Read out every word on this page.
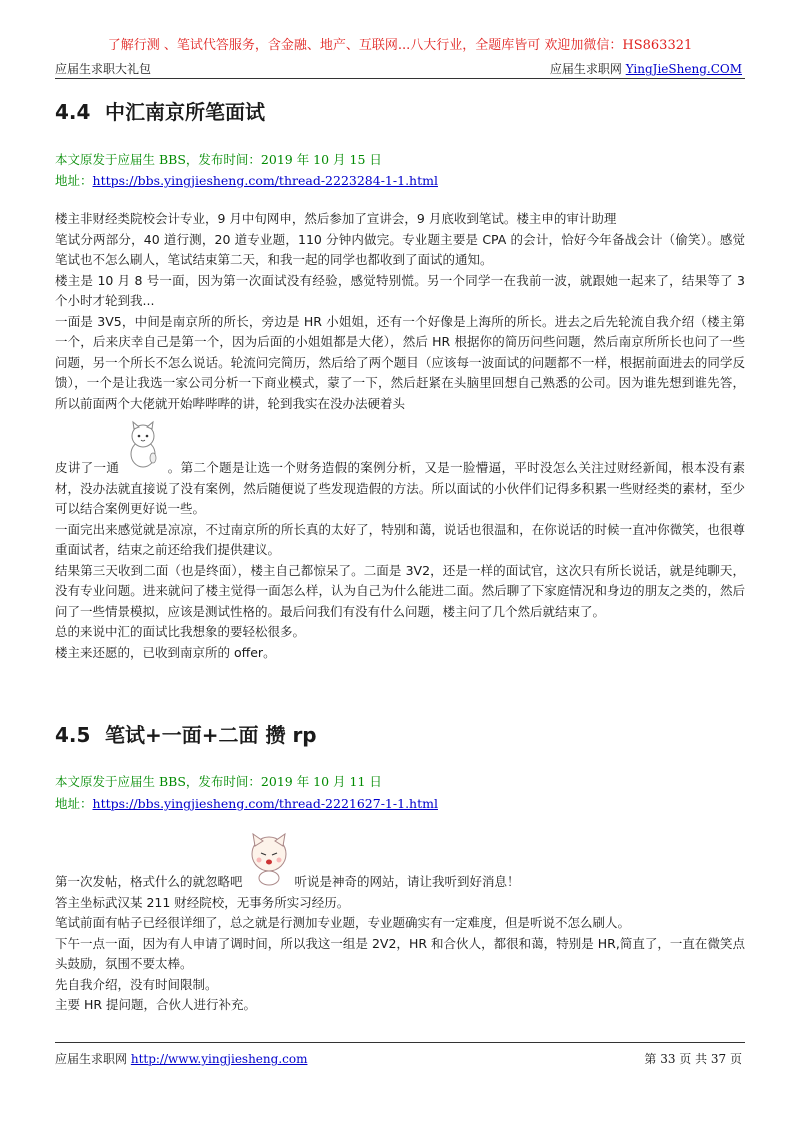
了解行测 、笔试代答服务，含金融、地产、互联网...八大行业，全题库皆可 欢迎加微信：HS863321
应届生求职大礼包	应届生求职网 YingJieSheng.COM
4.4 中汇南京所笔面试
本文原发于应届生 BBS，发布时间：2019 年 10 月 15 日
地址：https://bbs.yingjiesheng.com/thread-2223284-1-1.html

楼主非财经类院校会计专业，9 月中旬网申，然后参加了宣讲会，9 月底收到笔试。楼主申的审计助理

笔试分两部分，40 道行测，20 道专业题，110 分钟内做完。专业题主要是 CPA 的会计，恰好今年备战会计（偷笑）。感觉笔试也不怎么刷人，笔试结束第二天，和我一起的同学也都收到了面试的通知。

楼主是 10 月 8 号一面，因为第一次面试没有经验，感觉特别慌。另一个同学一在我前一波，就跟她一起来了，结果等了 3 个小时才轮到我...

一面是 3V5，中间是南京所的所长，旁边是 HR 小姐姐，还有一个好像是上海所的所长。进去之后先轮流自我介绍（楼主第一个，后来庆幸自己是第一个，因为后面的小姐姐都是大佬），然后 HR 根据你的简历问些问题，然后南京所所长也问了一些问题，另一个所长不怎么说话。轮流问完简历，然后给了两个题目（应该每一波面试的问题都不一样，根据前面进去的同学反馈），一个是让我选一家公司分析一下商业模式，蒙了一下，然后赶紧在头脑里回想自己熟悉的公司。因为谁先想到谁先答，所以前面两个大佬就开始哔哔哔的讲，轮到我实在没办法硬着头

皮讲了一通	。第二个题是让选一个财务造假的案例分析，又是一脸懵逼，平时没怎么关注过财经新闻，根本没有素材，没办法就直接说了没有案例，然后随便说了些发现造假的方法。所以面试的小伙伴们记得多积累一些财经类的素材，至少可以结合案例更好说一些。

一面完出来感觉就是凉凉，不过南京所的所长真的太好了，特别和蔼，说话也很温和，在你说话的时候一直冲你微笑，也很尊重面试者，结束之前还给我们提供建议。

结果第三天收到二面（也是终面），楼主自己都惊呆了。二面是 3V2，还是一样的面试官，这次只有所长说话，就是纯聊天，没有专业问题。进来就问了楼主觉得一面怎么样，认为自己为什么能进二面。然后聊了下家庭情况和身边的朋友之类的，然后问了一些情景模拟，应该是测试性格的。最后问我们有没有什么问题，楼主问了几个然后就结束了。

总的来说中汇的面试比我想象的要轻松很多。

楼主来还愿的，已收到南京所的 offer。

4.5 笔试+一面+二面 攒 rp
本文原发于应届生 BBS，发布时间：2019 年 10 月 11 日
地址：https://bbs.yingjiesheng.com/thread-2221627-1-1.html

第一次发帖，格式什么的就忽略吧	听说是神奇的网站，请让我听到好消息！

答主坐标武汉某 211 财经院校，无事务所实习经历。

笔试前面有帖子已经很详细了，总之就是行测加专业题，专业题确实有一定难度，但是听说不怎么刷人。

下午一点一面，因为有人申请了调时间，所以我这一组是 2V2，HR 和合伙人，都很和蔼，特别是 HR,简直了，一直在微笑点头鼓励，氛围不要太棒。

先自我介绍，没有时间限制。

主要 HR 提问题，合伙人进行补充。

应届生求职网 http://www.yingjiesheng.com	第 33 页 共 37 页
